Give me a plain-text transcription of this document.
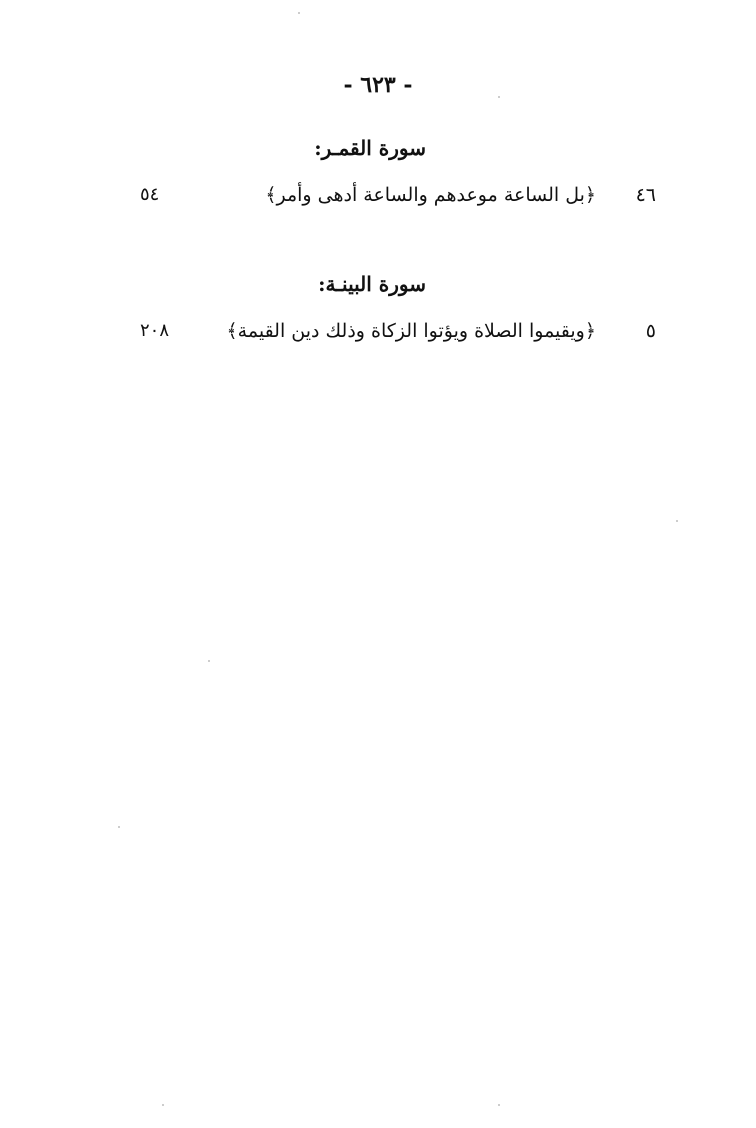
- ٦٢٣ -
سورة القمـر:
٤٦
﴿بل الساعة موعدهم والساعة أدهى وأمر﴾
٥٤
سورة البينـة:
٥
﴿ويقيموا الصلاة ويؤتوا الزكاة وذلك دين القيمة﴾
٢٠٨
